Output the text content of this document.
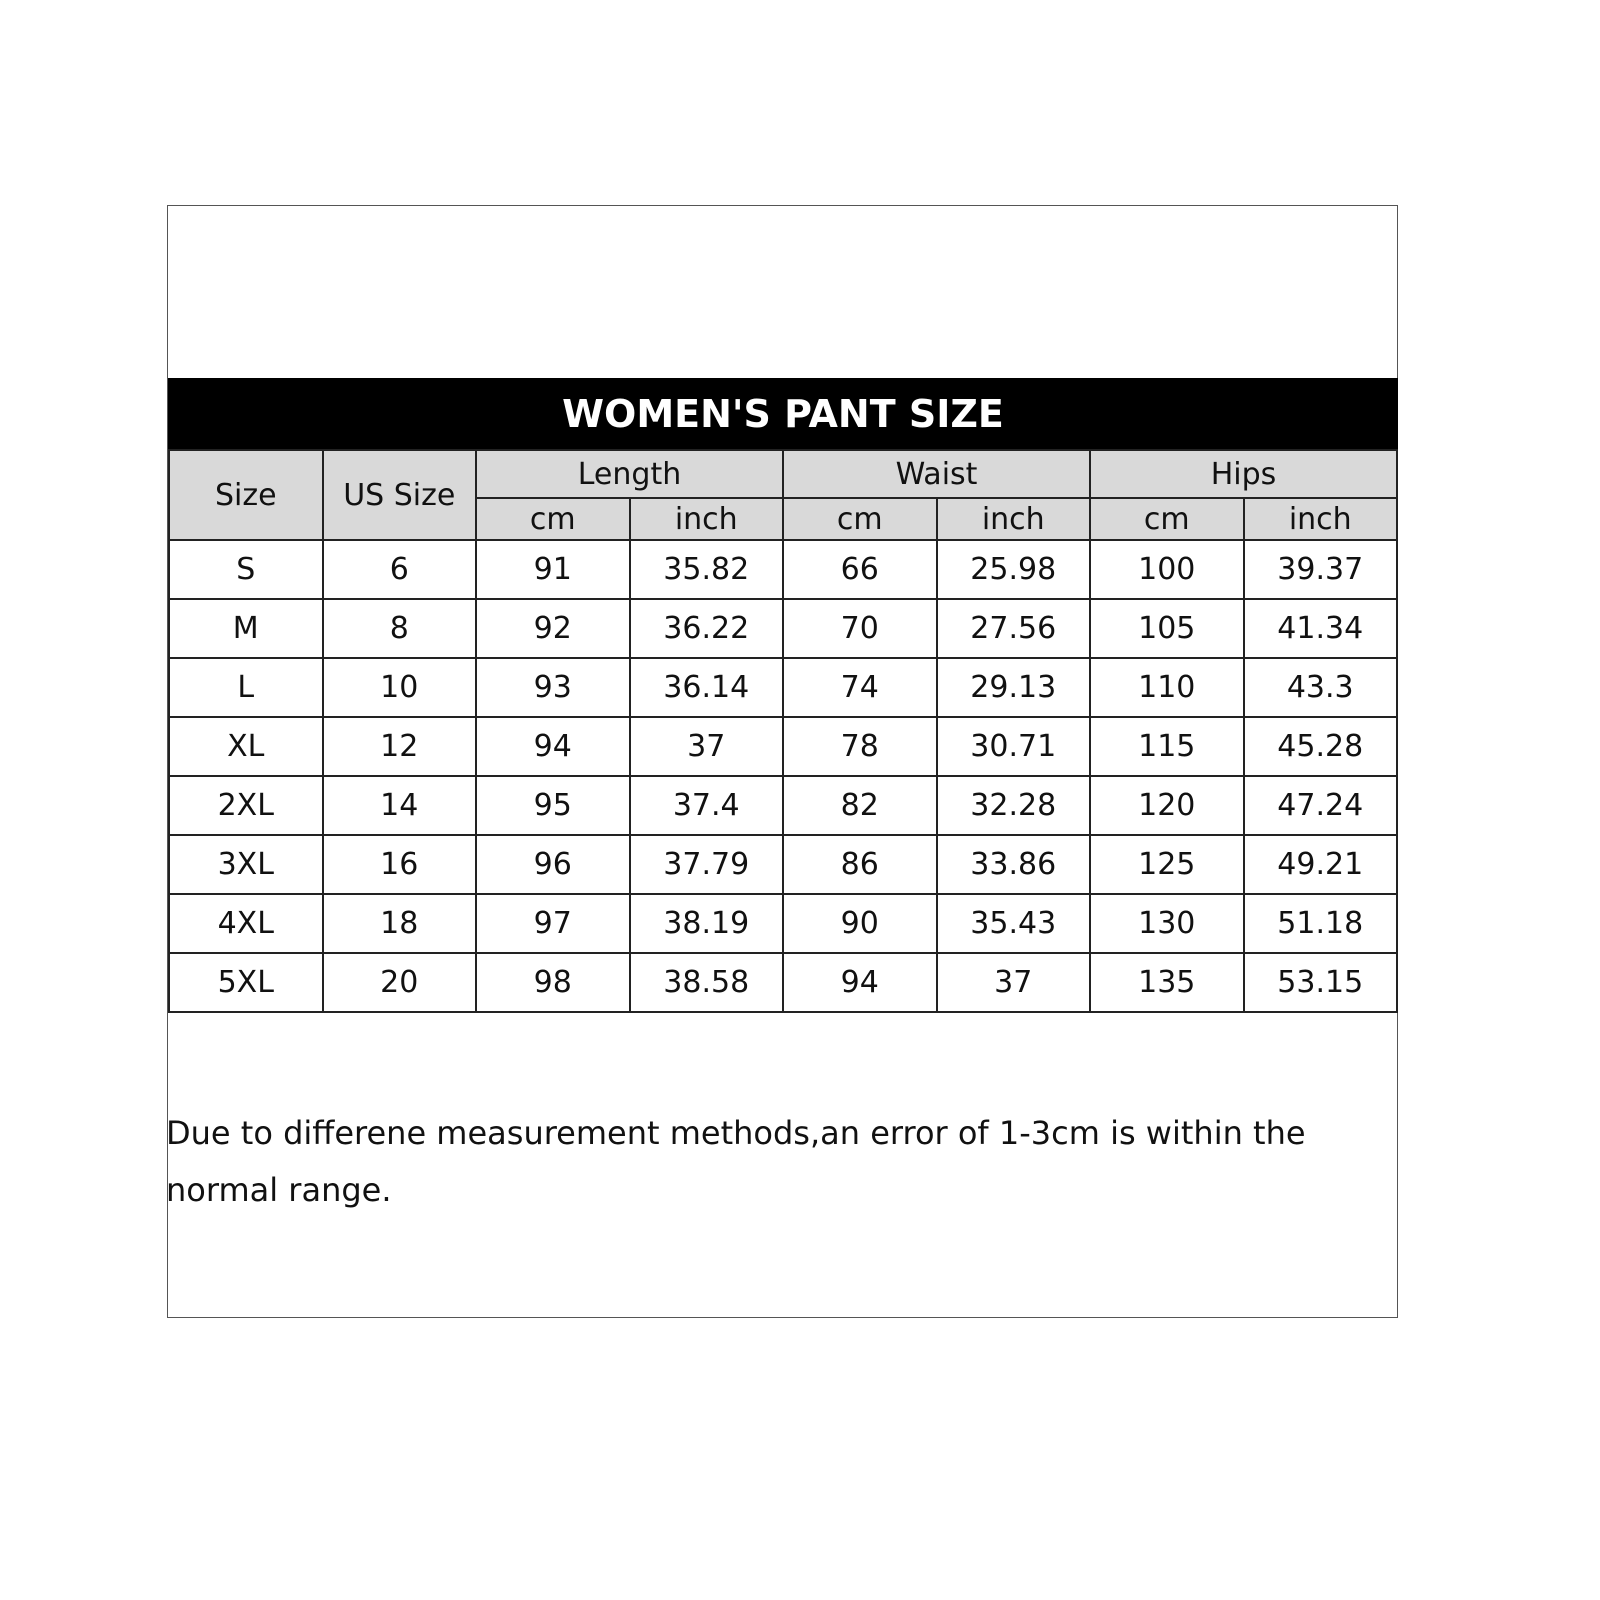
WOMEN'S PANT SIZE
Size	US Size	Length		Waist		Hips	
		cm	inch	cm	inch	cm	inch
S	6	91	35.82	66	25.98	100	39.37
M	8	92	36.22	70	27.56	105	41.34
L	10	93	36.14	74	29.13	110	43.3
XL	12	94	37	78	30.71	115	45.28
2XL	14	95	37.4	82	32.28	120	47.24
3XL	16	96	37.79	86	33.86	125	49.21
4XL	18	97	38.19	90	35.43	130	51.18
5XL	20	98	38.58	94	37	135	53.15
Due to differene measurement methods,an error of 1-3cm is within the normal range.
